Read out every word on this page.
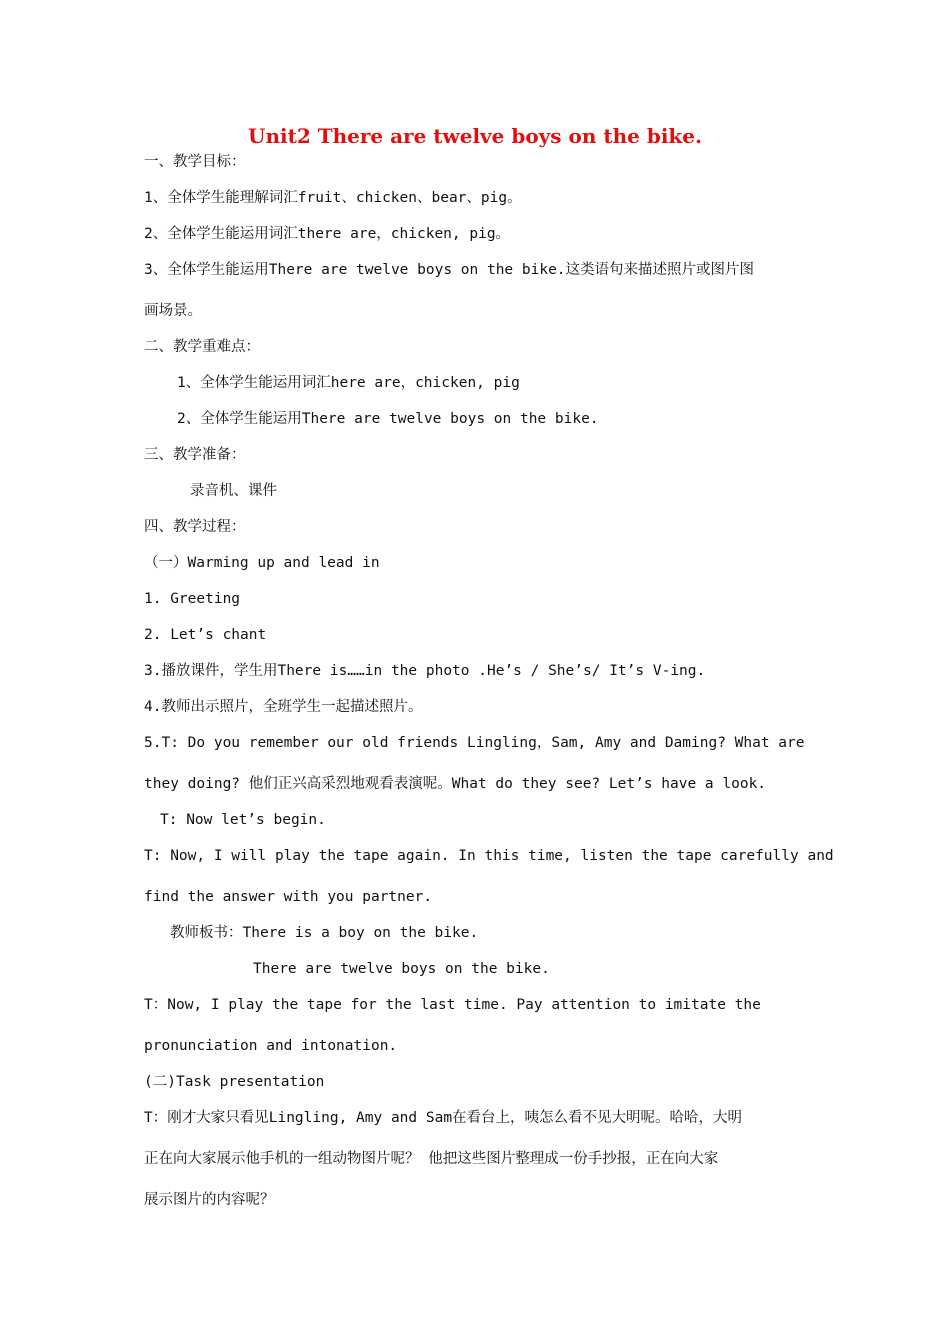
Unit2 There are twelve boys on the bike.
一、教学目标：
1、全体学生能理解词汇fruit、chicken、bear、pig。
2、全体学生能运用词汇there are，chicken, pig。
3、全体学生能运用There are twelve boys on the bike.这类语句来描述照片或图片图
画场景。
二、教学重难点：
1、全体学生能运用词汇here are，chicken, pig
2、全体学生能运用There are twelve boys on the bike.
三、教学准备：
录音机、课件
四、教学过程：
（一）Warming up and lead in
1. Greeting
2. Let’s chant
3.播放课件，学生用There is……in the photo .He’s / She’s/ It’s V-ing.
4.教师出示照片，全班学生一起描述照片。
5.T: Do you remember our old friends Lingling，Sam, Amy and Daming? What are
they doing? 他们正兴高采烈地观看表演呢。What do they see? Let’s have a look.
T: Now let’s begin.
T: Now, I will play the tape again. In this time, listen the tape carefully and
find the answer with you partner.
教师板书：There is a boy on the bike.
There are twelve boys on the bike.
T：Now, I play the tape for the last time. Pay attention to imitate the
pronunciation and intonation.
(二)Task presentation
T：刚才大家只看见Lingling, Amy and Sam在看台上，咦怎么看不见大明呢。哈哈，大明
正在向大家展示他手机的一组动物图片呢？ 他把这些图片整理成一份手抄报，正在向大家
展示图片的内容呢？
